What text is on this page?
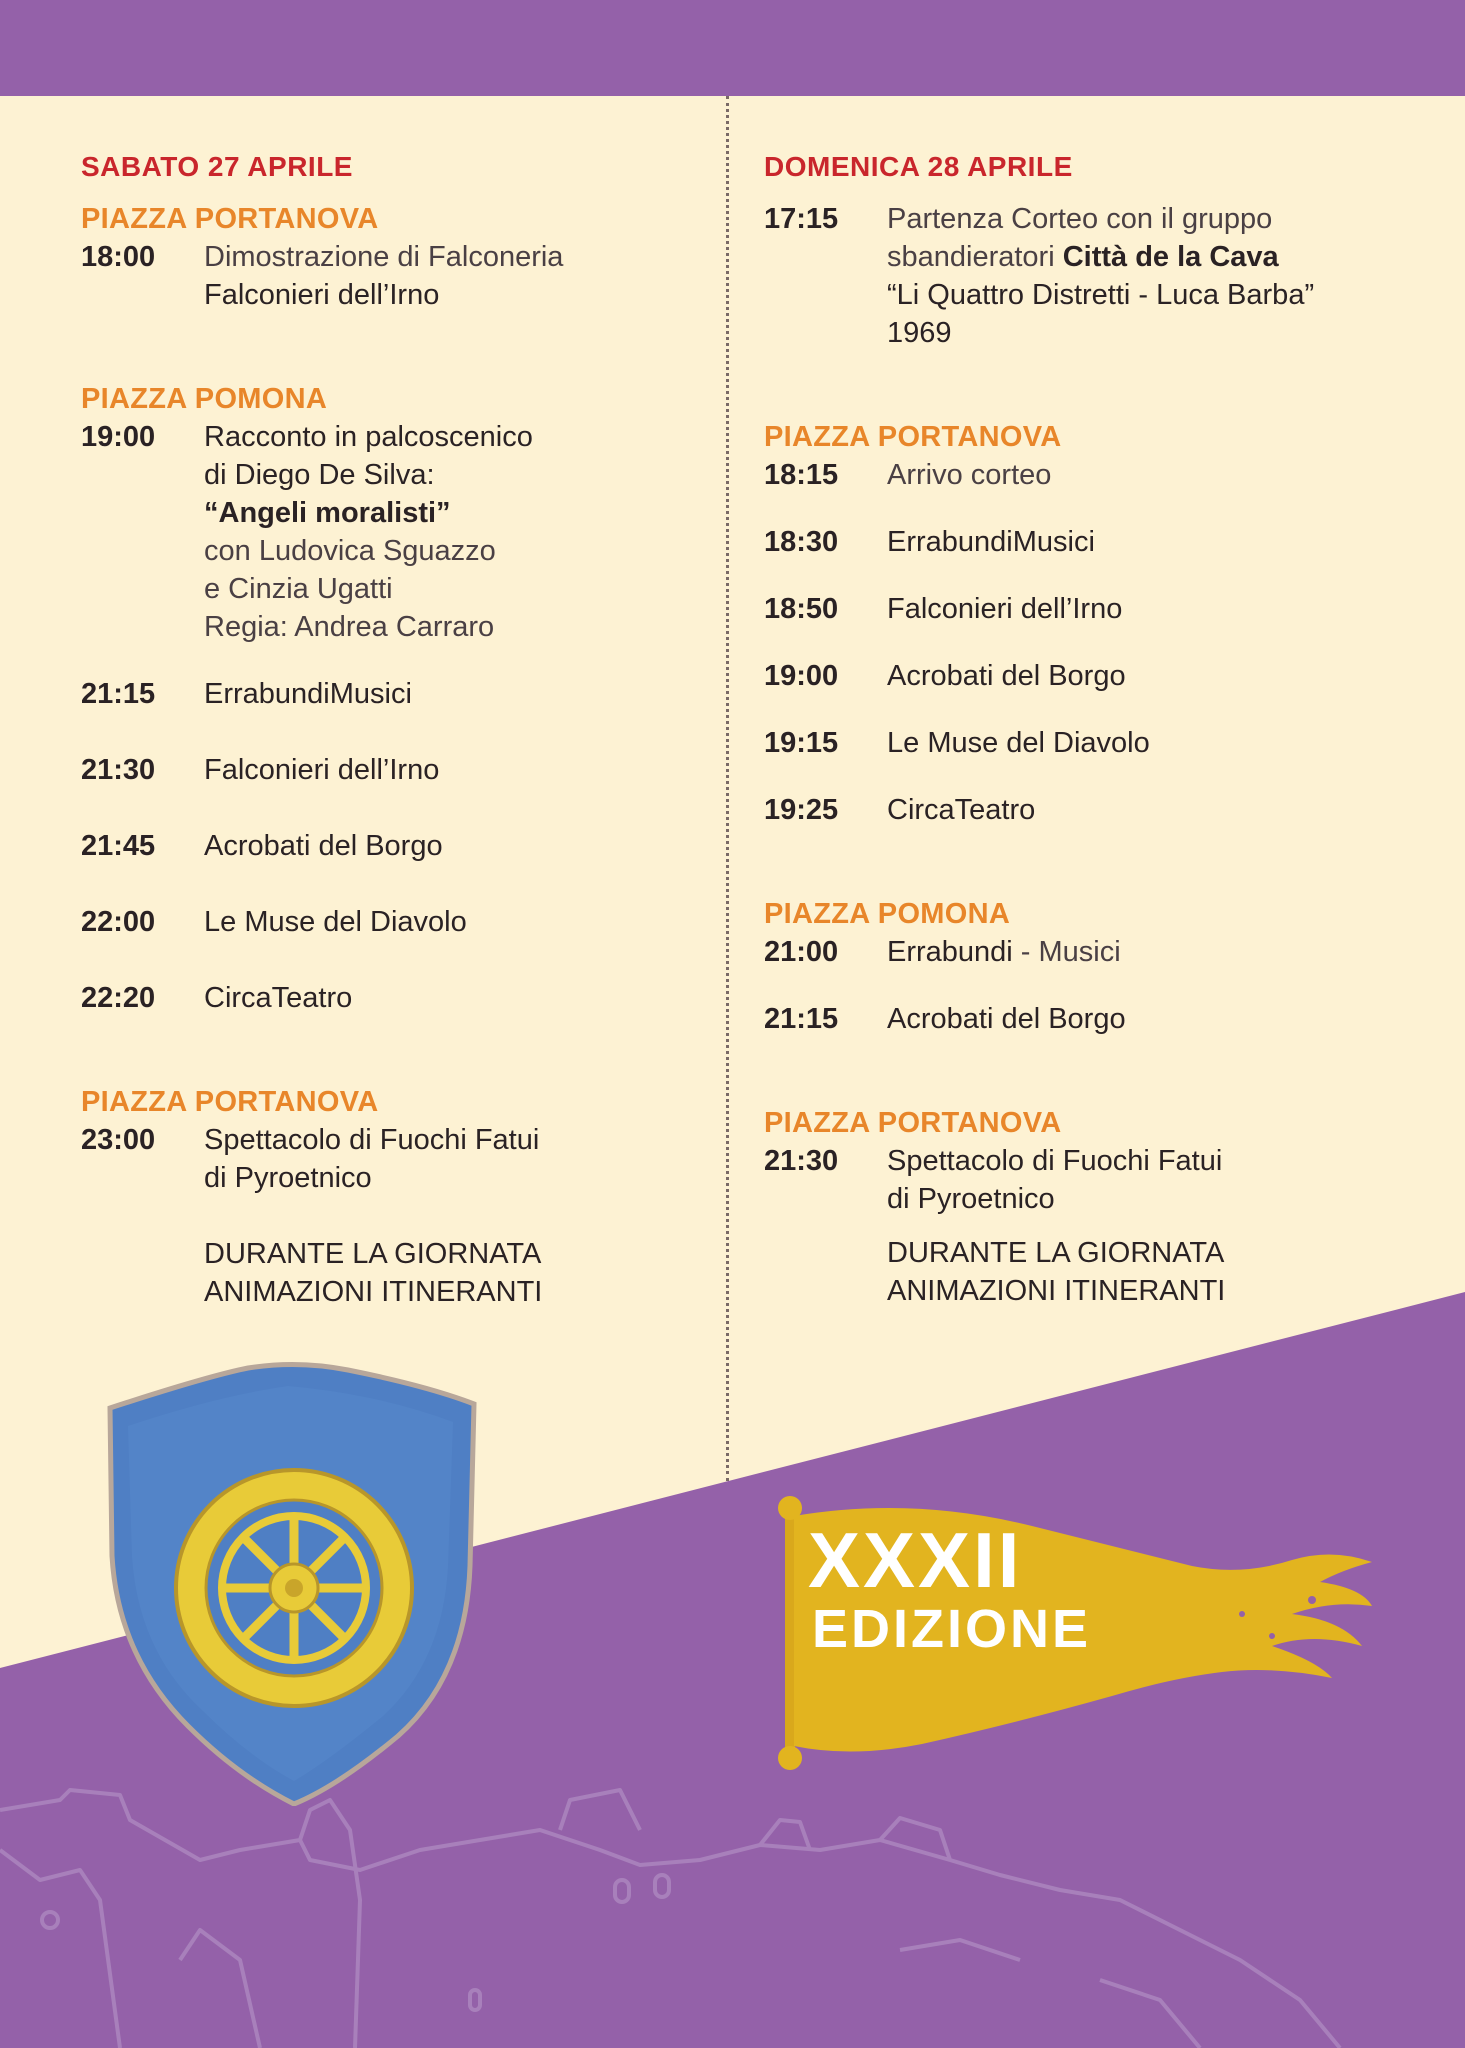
SABATO 27 APRILE
PIAZZA PORTANOVA
18:00	Dimostrazione di Falconeria
Falconieri dell’Irno
PIAZZA POMONA
19:00	Racconto in palcoscenico
di Diego De Silva:
“Angeli moralisti”
con Ludovica Sguazzo
e Cinzia Ugatti
Regia: Andrea Carraro
21:15	ErrabundiMusici
21:30	Falconieri dell’Irno
21:45	Acrobati del Borgo
22:00	Le Muse del Diavolo
22:20	CircaTeatro
PIAZZA PORTANOVA
23:00	Spettacolo di Fuochi Fatui
di Pyroetnico
DURANTE LA GIORNATA
ANIMAZIONI ITINERANTI
DOMENICA 28 APRILE
17:15	Partenza Corteo con il gruppo
sbandieratori Città de la Cava
“Li Quattro Distretti - Luca Barba”
1969
PIAZZA PORTANOVA
18:15	Arrivo corteo
18:30	ErrabundiMusici
18:50	Falconieri dell’Irno
19:00	Acrobati del Borgo
19:15	Le Muse del Diavolo
19:25	CircaTeatro
PIAZZA POMONA
21:00	Errabundi - Musici
21:15	Acrobati del Borgo
PIAZZA PORTANOVA
21:30	Spettacolo di Fuochi Fatui
di Pyroetnico
DURANTE LA GIORNATA
ANIMAZIONI ITINERANTI
XXXII
EDIZIONE
